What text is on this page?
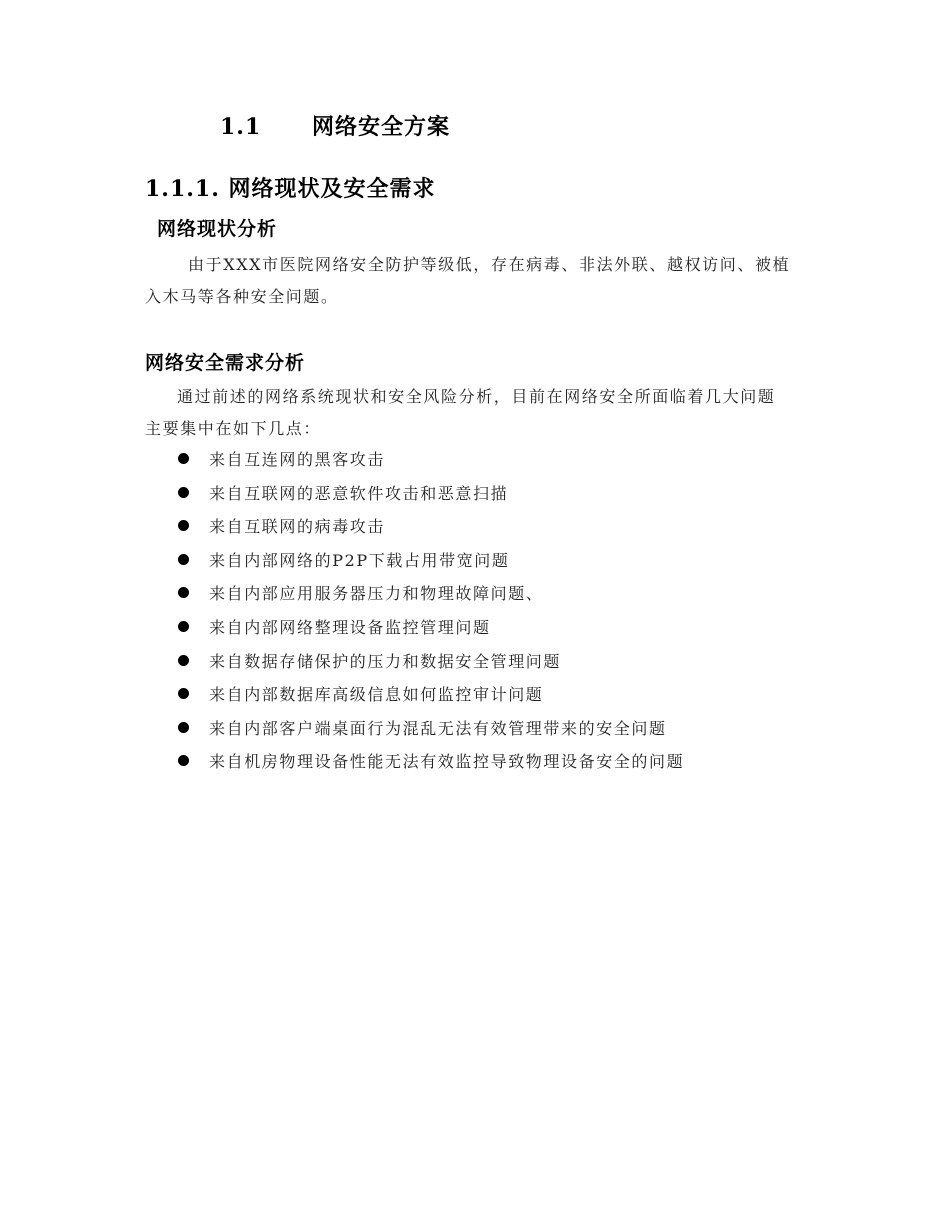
1.1 网络安全方案
1.1.1. 网络现状及安全需求
网络现状分析
由于XXX市医院网络安全防护等级低，存在病毒、非法外联、越权访问、被植
入木马等各种安全问题。
网络安全需求分析
通过前述的网络系统现状和安全风险分析，目前在网络安全所面临着几大问题
主要集中在如下几点：
来自互连网的黑客攻击
来自互联网的恶意软件攻击和恶意扫描
来自互联网的病毒攻击
来自内部网络的P2P下载占用带宽问题
来自内部应用服务器压力和物理故障问题、
来自内部网络整理设备监控管理问题
来自数据存储保护的压力和数据安全管理问题
来自内部数据库高级信息如何监控审计问题
来自内部客户端桌面行为混乱无法有效管理带来的安全问题
来自机房物理设备性能无法有效监控导致物理设备安全的问题
